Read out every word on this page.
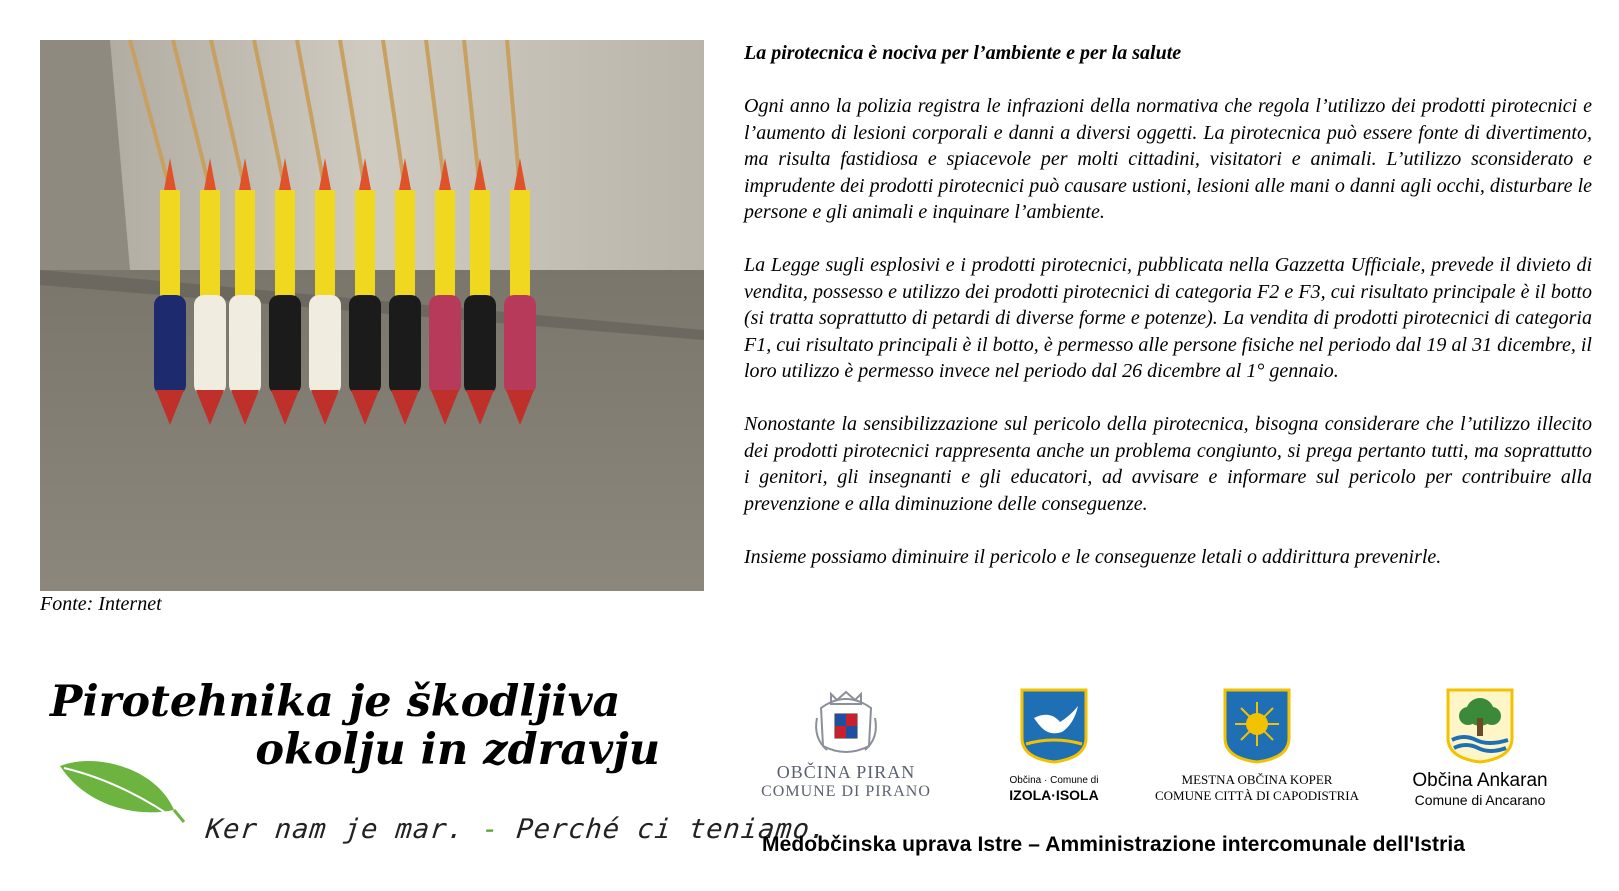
Fonte: Internet
La pirotecnica è nociva per l’ambiente e per la salute

Ogni anno la polizia registra le infrazioni della normativa che regola l’utilizzo dei prodotti pirotecnici e l’aumento di lesioni corporali e danni a diversi oggetti. La pirotecnica può essere fonte di divertimento, ma risulta fastidiosa e spiacevole per molti cittadini, visitatori e animali. L’utilizzo sconsiderato e imprudente dei prodotti pirotecnici può causare ustioni, lesioni alle mani o danni agli occhi, disturbare le persone e gli animali e inquinare l’ambiente.

La Legge sugli esplosivi e i prodotti pirotecnici, pubblicata nella Gazzetta Ufficiale, prevede il divieto di vendita, possesso e utilizzo dei prodotti pirotecnici di categoria F2 e F3, cui risultato principale è il botto (si tratta soprattutto di petardi di diverse forme e potenze). La vendita di prodotti pirotecnici di categoria F1, cui risultato principali è il botto, è permesso alle persone fisiche nel periodo dal 19 al 31 dicembre, il loro utilizzo è permesso invece nel periodo dal 26 dicembre al 1° gennaio.

Nonostante la sensibilizzazione sul pericolo della pirotecnica, bisogna considerare che l’utilizzo illecito dei prodotti pirotecnici rappresenta anche un problema congiunto, si prega pertanto tutti, ma soprattutto i genitori, gli insegnanti e gli educatori, ad avvisare e informare sul pericolo per contribuire alla prevenzione e alla diminuzione delle conseguenze.

Insieme possiamo diminuire il pericolo e le conseguenze letali o addirittura prevenirle.

Pirotehnika je škodljiva
okolju in zdravju
Ker nam je mar. - Perché ci teniamo.
OBČINA PIRAN
COMUNE DI PIRANO
Občina · Comune di
IZOLA·ISOLA
MESTNA OBČINA KOPER
COMUNE CITTÀ DI CAPODISTRIA
Občina Ankaran
Comune di Ancarano
Medobčinska uprava Istre – Amministrazione intercomunale dell'Istria
